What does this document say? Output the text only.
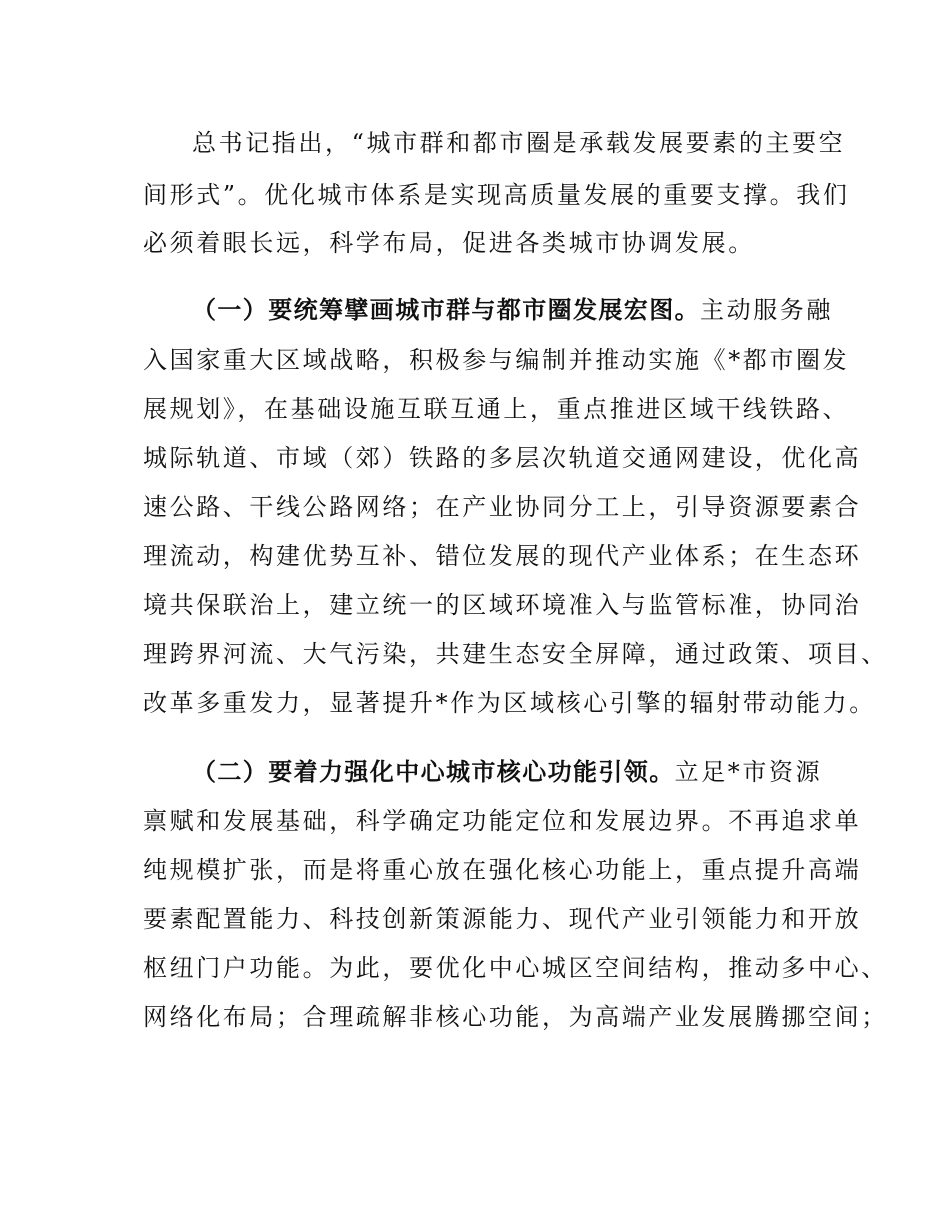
总书记指出，“城市群和都市圈是承载发展要素的主要空
间形式”。优化城市体系是实现高质量发展的重要支撑。我们
必须着眼长远，科学布局，促进各类城市协调发展。
（一）要统筹擘画城市群与都市圈发展宏图。主动服务融
入国家重大区域战略，积极参与编制并推动实施《*都市圈发
展规划》，在基础设施互联互通上，重点推进区域干线铁路、
城际轨道、市域（郊）铁路的多层次轨道交通网建设，优化高
速公路、干线公路网络；在产业协同分工上，引导资源要素合
理流动，构建优势互补、错位发展的现代产业体系；在生态环
境共保联治上，建立统一的区域环境准入与监管标准，协同治
理跨界河流、大气污染，共建生态安全屏障，通过政策、项目、
改革多重发力，显著提升*作为区域核心引擎的辐射带动能力。
（二）要着力强化中心城市核心功能引领。立足*市资源
禀赋和发展基础，科学确定功能定位和发展边界。不再追求单
纯规模扩张，而是将重心放在强化核心功能上，重点提升高端
要素配置能力、科技创新策源能力、现代产业引领能力和开放
枢纽门户功能。为此，要优化中心城区空间结构，推动多中心、
网络化布局；合理疏解非核心功能，为高端产业发展腾挪空间；
